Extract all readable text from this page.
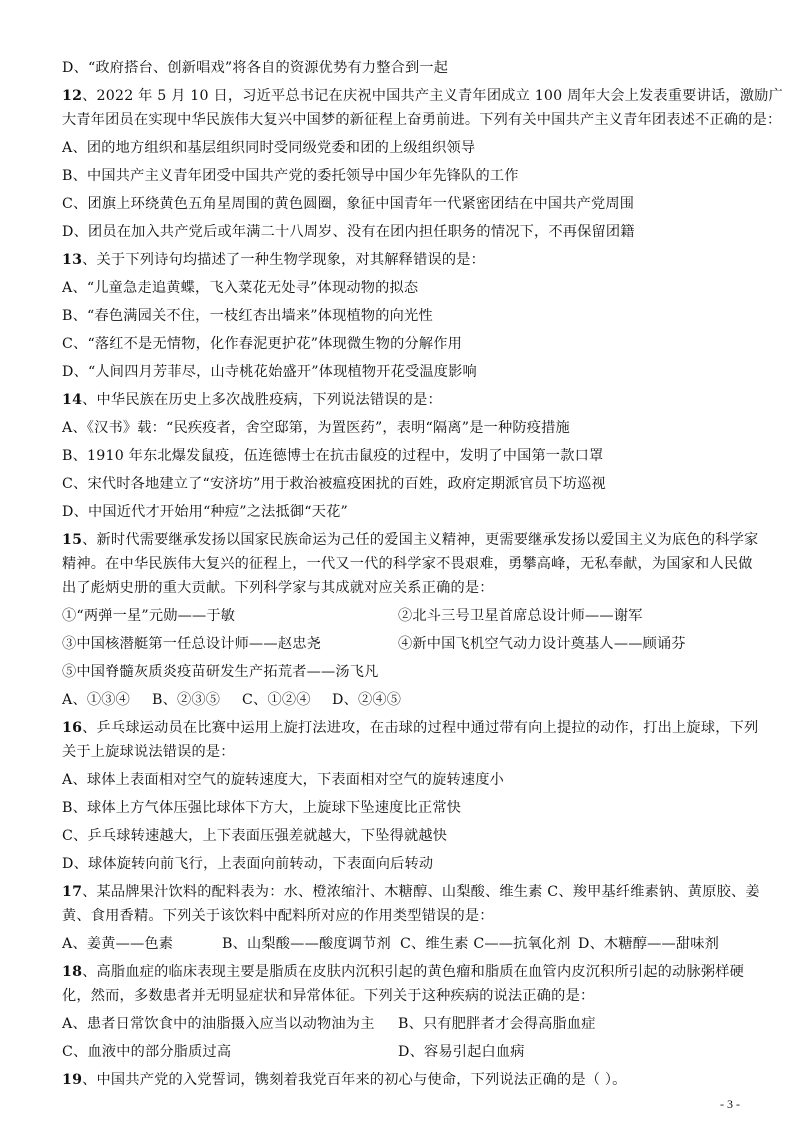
D、“政府搭台、创新唱戏”将各自的资源优势有力整合到一起

12、2022 年 5 月 10 日，习近平总书记在庆祝中国共产主义青年团成立 100 周年大会上发表重要讲话，激励广

大青年团员在实现中华民族伟大复兴中国梦的新征程上奋勇前进。下列有关中国共产主义青年团表述不正确的是：

A、团的地方组织和基层组织同时受同级党委和团的上级组织领导

B、中国共产主义青年团受中国共产党的委托领导中国少年先锋队的工作

C、团旗上环绕黄色五角星周围的黄色圆圈，象征中国青年一代紧密团结在中国共产党周围

D、团员在加入共产党后或年满二十八周岁、没有在团内担任职务的情况下，不再保留团籍

13、关于下列诗句均描述了一种生物学现象，对其解释错误的是：

A、“儿童急走追黄蝶，飞入菜花无处寻”体现动物的拟态

B、“春色满园关不住，一枝红杏出墙来”体现植物的向光性

C、“落红不是无情物，化作春泥更护花”体现微生物的分解作用

D、“人间四月芳菲尽，山寺桃花始盛开”体现植物开花受温度影响

14、中华民族在历史上多次战胜疫病，下列说法错误的是：

A、《汉书》载：“民疾疫者，舍空邸第，为置医药”，表明“隔离”是一种防疫措施

B、1910 年东北爆发鼠疫，伍连德博士在抗击鼠疫的过程中，发明了中国第一款口罩

C、宋代时各地建立了“安济坊”用于救治被瘟疫困扰的百姓，政府定期派官员下坊巡视

D、中国近代才开始用“种痘”之法抵御“天花”

15、新时代需要继承发扬以国家民族命运为己任的爱国主义精神，更需要继承发扬以爱国主义为底色的科学家

精神。在中华民族伟大复兴的征程上，一代又一代的科学家不畏艰难，勇攀高峰，无私奉献，为国家和人民做

出了彪炳史册的重大贡献。下列科学家与其成就对应关系正确的是：

①“两弹一星”元勋——于敏	②北斗三号卫星首席总设计师——谢军
③中国核潜艇第一任总设计师——赵忠尧	④新中国飞机空气动力设计奠基人——顾诵芬

⑤中国脊髓灰质炎疫苗研发生产拓荒者——汤飞凡

A、①③④	B、②③⑤	C、①②④	D、②④⑤

16、乒乓球运动员在比赛中运用上旋打法进攻，在击球的过程中通过带有向上提拉的动作，打出上旋球，下列

关于上旋球说法错误的是：

A、球体上表面相对空气的旋转速度大，下表面相对空气的旋转速度小

B、球体上方气体压强比球体下方大，上旋球下坠速度比正常快

C、乒乓球转速越大，上下表面压强差就越大，下坠得就越快

D、球体旋转向前飞行，上表面向前转动，下表面向后转动

17、某品牌果汁饮料的配料表为：水、橙浓缩汁、木糖醇、山梨酸、维生素 C、羧甲基纤维素钠、黄原胶、姜

黄、食用香精。下列关于该饮料中配料所对应的作用类型错误的是：

A、姜黄——色素	B、山梨酸——酸度调节剂 C、维生素 C——抗氧化剂 D、木糖醇——甜味剂

18、高脂血症的临床表现主要是脂质在皮肤内沉积引起的黄色瘤和脂质在血管内皮沉积所引起的动脉粥样硬

化，然而，多数患者并无明显症状和异常体征。下列关于这种疾病的说法正确的是：

A、患者日常饮食中的油脂摄入应当以动物油为主	B、只有肥胖者才会得高脂血症
C、血液中的部分脂质过高	D、容易引起白血病

19、中国共产党的入党誓词，镌刻着我党百年来的初心与使命，下列说法正确的是（ ）。

- 3 -
